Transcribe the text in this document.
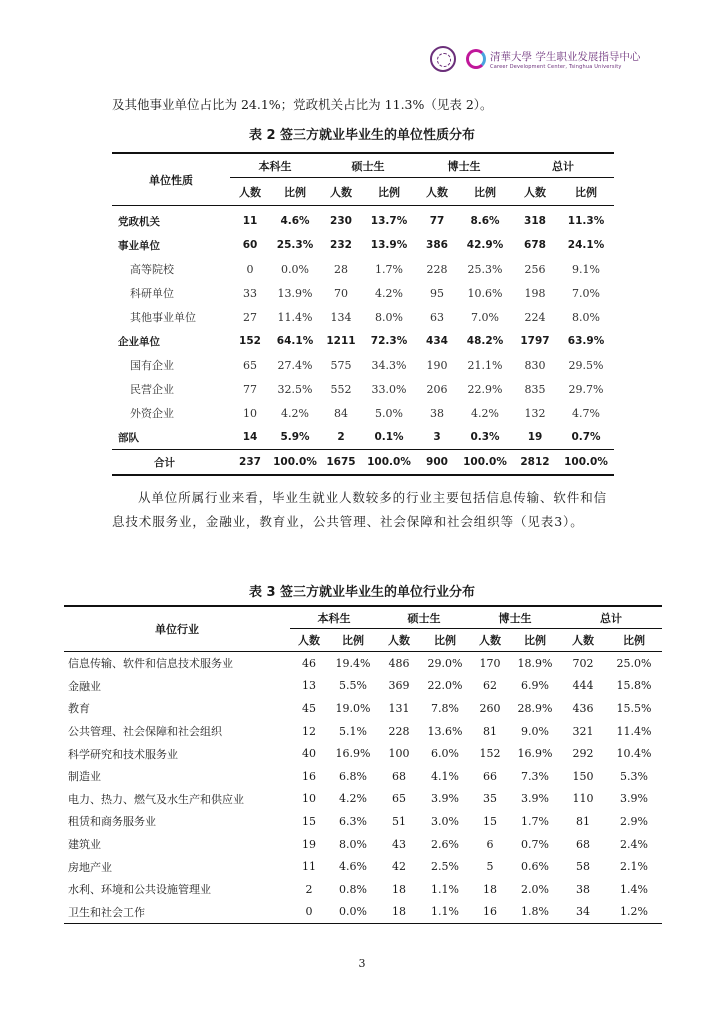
清華大學 学生职业发展指导中心
Career Development Center, Tsinghua University
及其他事业单位占比为 24.1%；党政机关占比为 11.3%（见表 2）。
表 2 签三方就业毕业生的单位性质分布
单位性质	本科生		硕士生		博士生		总计	
	人数	比例	人数	比例	人数	比例	人数	比例
党政机关	11	4.6%	230	13.7%	77	8.6%	318	11.3%
事业单位	60	25.3%	232	13.9%	386	42.9%	678	24.1%
高等院校	0	0.0%	28	1.7%	228	25.3%	256	9.1%
科研单位	33	13.9%	70	4.2%	95	10.6%	198	7.0%
其他事业单位	27	11.4%	134	8.0%	63	7.0%	224	8.0%
企业单位	152	64.1%	1211	72.3%	434	48.2%	1797	63.9%
国有企业	65	27.4%	575	34.3%	190	21.1%	830	29.5%
民营企业	77	32.5%	552	33.0%	206	22.9%	835	29.7%
外资企业	10	4.2%	84	5.0%	38	4.2%	132	4.7%
部队	14	5.9%	2	0.1%	3	0.3%	19	0.7%
合计	237	100.0%	1675	100.0%	900	100.0%	2812	100.0%
从单位所属行业来看，毕业生就业人数较多的行业主要包括信息传输、软件和信息技术服务业，金融业，教育业，公共管理、社会保障和社会组织等（见表3）。
表 3 签三方就业毕业生的单位行业分布
单位行业	本科生		硕士生		博士生		总计	
	人数	比例	人数	比例	人数	比例	人数	比例
信息传输、软件和信息技术服务业	46	19.4%	486	29.0%	170	18.9%	702	25.0%
金融业	13	5.5%	369	22.0%	62	6.9%	444	15.8%
教育	45	19.0%	131	7.8%	260	28.9%	436	15.5%
公共管理、社会保障和社会组织	12	5.1%	228	13.6%	81	9.0%	321	11.4%
科学研究和技术服务业	40	16.9%	100	6.0%	152	16.9%	292	10.4%
制造业	16	6.8%	68	4.1%	66	7.3%	150	5.3%
电力、热力、燃气及水生产和供应业	10	4.2%	65	3.9%	35	3.9%	110	3.9%
租赁和商务服务业	15	6.3%	51	3.0%	15	1.7%	81	2.9%
建筑业	19	8.0%	43	2.6%	6	0.7%	68	2.4%
房地产业	11	4.6%	42	2.5%	5	0.6%	58	2.1%
水利、环境和公共设施管理业	2	0.8%	18	1.1%	18	2.0%	38	1.4%
卫生和社会工作	0	0.0%	18	1.1%	16	1.8%	34	1.2%
3
